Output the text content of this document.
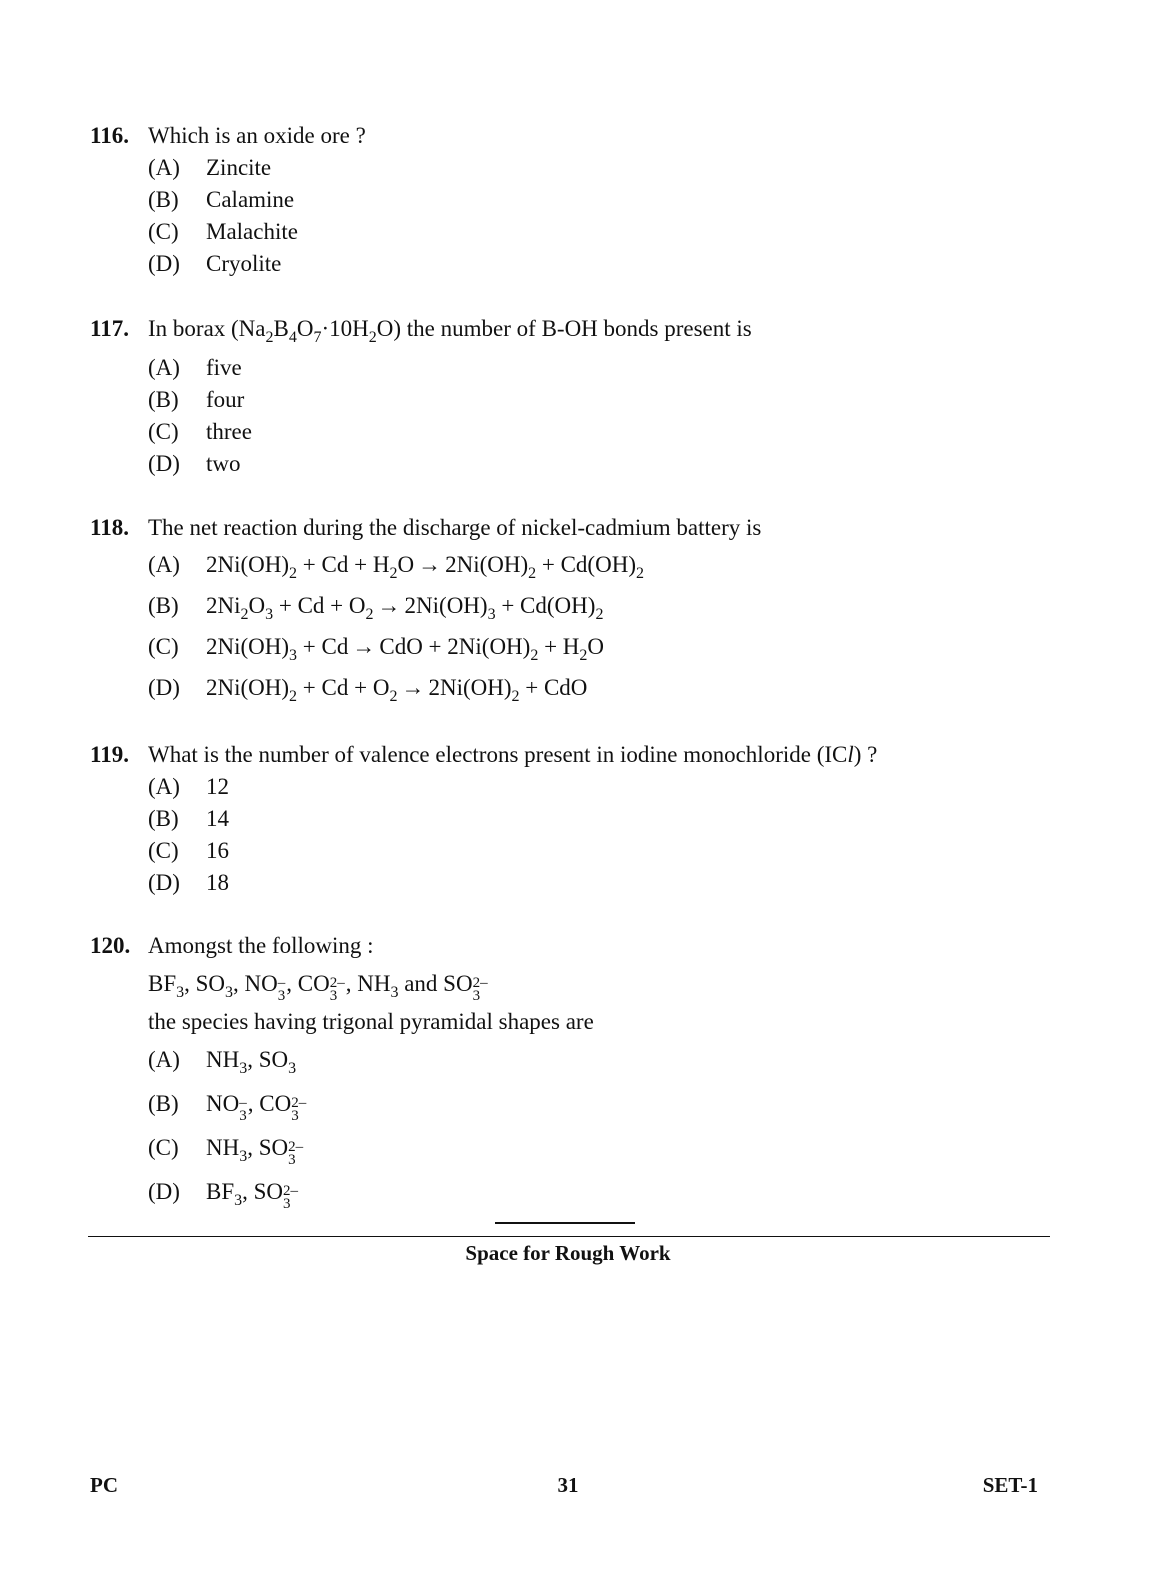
116. Which is an oxide ore ?
(A)	Zincite
(B)	Calamine
(C)	Malachite
(D)	Cryolite
117. In borax $(Na_2B_4O_7\cdot 10H_2O)$ the number of B-OH bonds present is
(A)	five
(B)	four
(C)	three
(D)	two
118. The net reaction during the discharge of nickel-cadmium battery is
(A)	$2Ni(OH)_2 + Cd + H_2O \to 2Ni(OH)_2 + Cd(OH)_2$
(B)	$2Ni_2O_3 + Cd + O_2 \to 2Ni(OH)_3 + Cd(OH)_2$
(C)	$2Ni(OH)_3 + Cd$ → CdO + $2Ni(OH)_2 + H_2O$
(D)	$2Ni(OH)_2 + Cd + O_2 \to 2Ni(OH)_2$ + CdO
119. What is the number of valence electrons present in iodine monochloride (ICl) ?
(A)	12
(B)	14
(C)	16
(D)	18
120. Amongst the following :
$BF_3$, $SO_3$, NO –
3 , CO 2–
3 , $NH_3$ and SO 2–
3
the species having trigonal pyramidal shapes are
(A)	$NH_3$, $SO_3$
(B)	NO –
3 , CO 2–
3
(C)	$NH_3$, SO 2–
3
(D)	$BF_3$, SO 2–
3
Space for Rough Work
PC	31	SET-1
